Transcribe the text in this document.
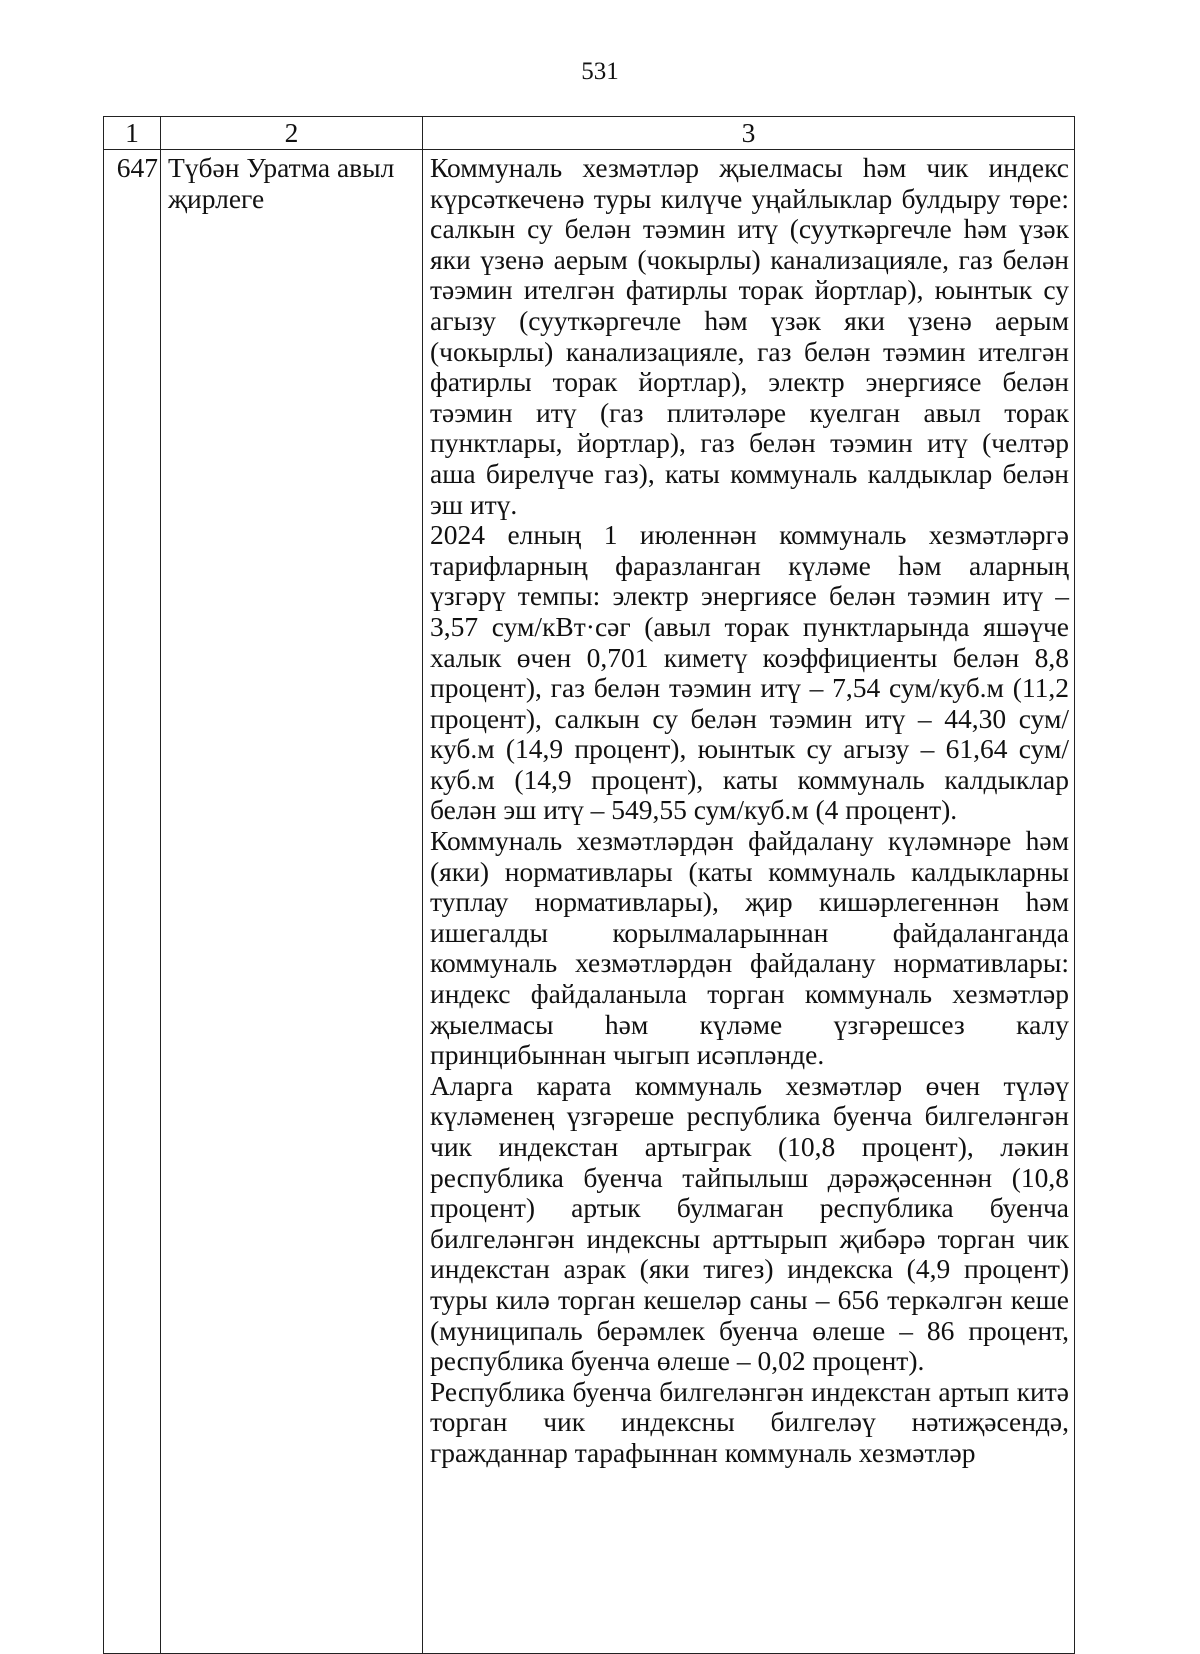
531
1	2	3
647	Түбән Уратма авыл җирлеге	Коммуналь хезмәтләр җыелмасы һәм чик индекс күрсәткеченә туры килүче уңайлыклар булдыру төре: салкын су белән тәэмин итү (сууткәргечле һәм үзәк яки үзенә аерым (чокырлы) канализацияле, газ белән тәэмин ителгән фатирлы торак йортлар), юынтык су агызу (сууткәргечле һәм үзәк яки үзенә аерым (чокырлы) канализацияле, газ белән тәэмин ителгән фатирлы торак йортлар), электр энергиясе белән тәэмин итү (газ плитәләре куелган авыл торак пунктлары, йортлар), газ белән тәэмин итү (челтәр аша бирелүче газ), каты коммуналь калдыклар белән эш итү.

2024 елның 1 июленнән коммуналь хезмәтләргә тарифларның фаразланган күләме һәм аларның үзгәрү темпы: электр энергиясе белән тәэмин итү – 3,57 сум/кВт·сәг (авыл торак пунктларында яшәүче халык өчен 0,701 киметү коэффициенты белән 8,8 процент), газ белән тәэмин итү – 7,54 сум/куб.м (11,2 процент), салкын су белән тәэмин итү – 44,30 сум/куб.м (14,9 процент), юынтык су агызу – 61,64 сум/куб.м (14,9 процент), каты коммуналь калдыклар белән эш итү – 549,55 сум/куб.м (4 процент).

Коммуналь хезмәтләрдән файдалану күләмнәре һәм (яки) нормативлары (каты коммуналь калдыкларны туплау нормативлары), җир кишәрлегеннән һәм ишегалды корылмаларыннан файдаланганда коммуналь хезмәтләрдән файдалану нормативлары: индекс файдаланыла торган коммуналь хезмәтләр җыелмасы һәм күләме үзгәрешсез калу принцибыннан чыгып исәпләнде.

Аларга карата коммуналь хезмәтләр өчен түләү күләменең үзгәреше республика буенча билгеләнгән чик индекстан артыграк (10,8 процент), ләкин республика буенча тайпылыш дәрәҗәсеннән (10,8 процент) артык булмаган республика буенча билгеләнгән индексны арттырып җибәрә торган чик индекстан азрак (яки тигез) индекска (4,9 процент) туры килә торган кешеләр саны – 656 теркәлгән кеше (муниципаль берәмлек буенча өлеше – 86 процент, республика буенча өлеше – 0,02 процент).

Республика буенча билгеләнгән индекстан артып китә торган чик индексны билгеләү нәтиҗәсендә, гражданнар тарафыннан коммуналь хезмәтләр
